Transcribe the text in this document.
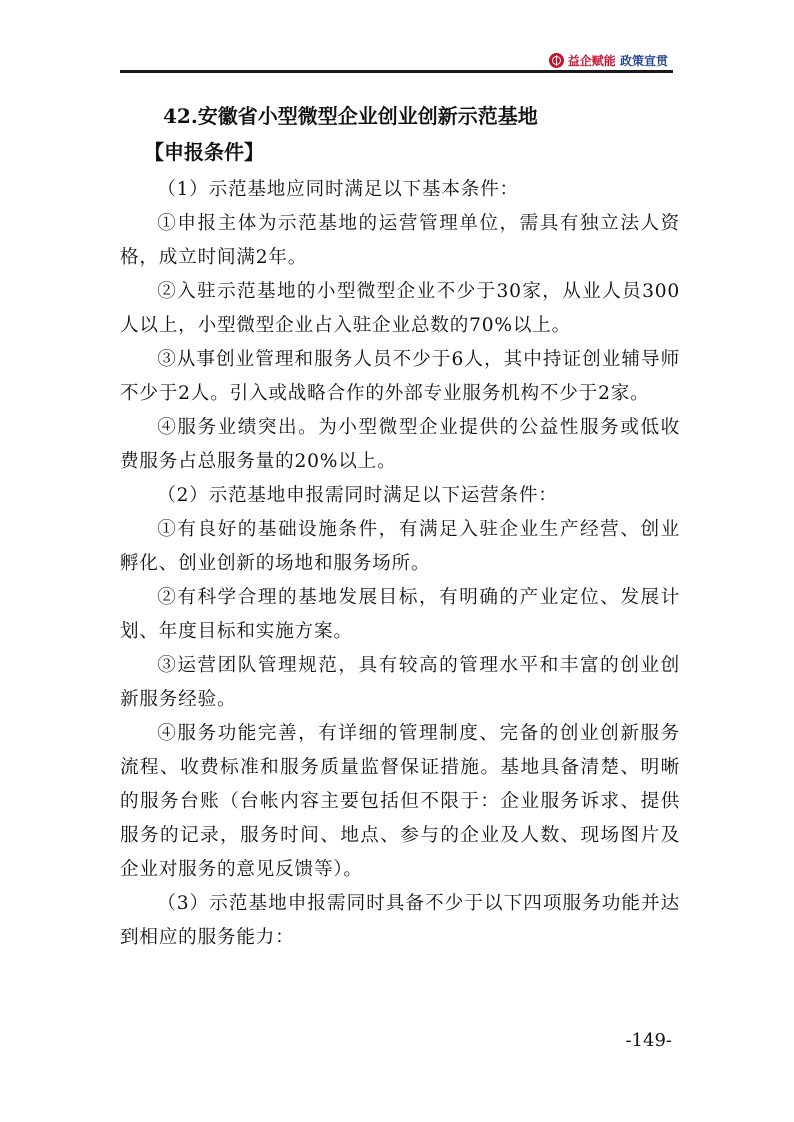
益企赋能 政策宣贯
42.安徽省小型微型企业创业创新示范基地
【申报条件】

（1）示范基地应同时满足以下基本条件：

①申报主体为示范基地的运营管理单位，需具有独立法人资格，成立时间满2年。

②入驻示范基地的小型微型企业不少于30家，从业人员300人以上，小型微型企业占入驻企业总数的70%以上。

③从事创业管理和服务人员不少于6人，其中持证创业辅导师不少于2人。引入或战略合作的外部专业服务机构不少于2家。

④服务业绩突出。为小型微型企业提供的公益性服务或低收费服务占总服务量的20%以上。

（2）示范基地申报需同时满足以下运营条件：

①有良好的基础设施条件，有满足入驻企业生产经营、创业孵化、创业创新的场地和服务场所。

②有科学合理的基地发展目标，有明确的产业定位、发展计划、年度目标和实施方案。

③运营团队管理规范，具有较高的管理水平和丰富的创业创新服务经验。

④服务功能完善，有详细的管理制度、完备的创业创新服务流程、收费标准和服务质量监督保证措施。基地具备清楚、明晰的服务台账（台帐内容主要包括但不限于：企业服务诉求、提供服务的记录，服务时间、地点、参与的企业及人数、现场图片及企业对服务的意见反馈等）。

（3）示范基地申报需同时具备不少于以下四项服务功能并达到相应的服务能力：

-149-
